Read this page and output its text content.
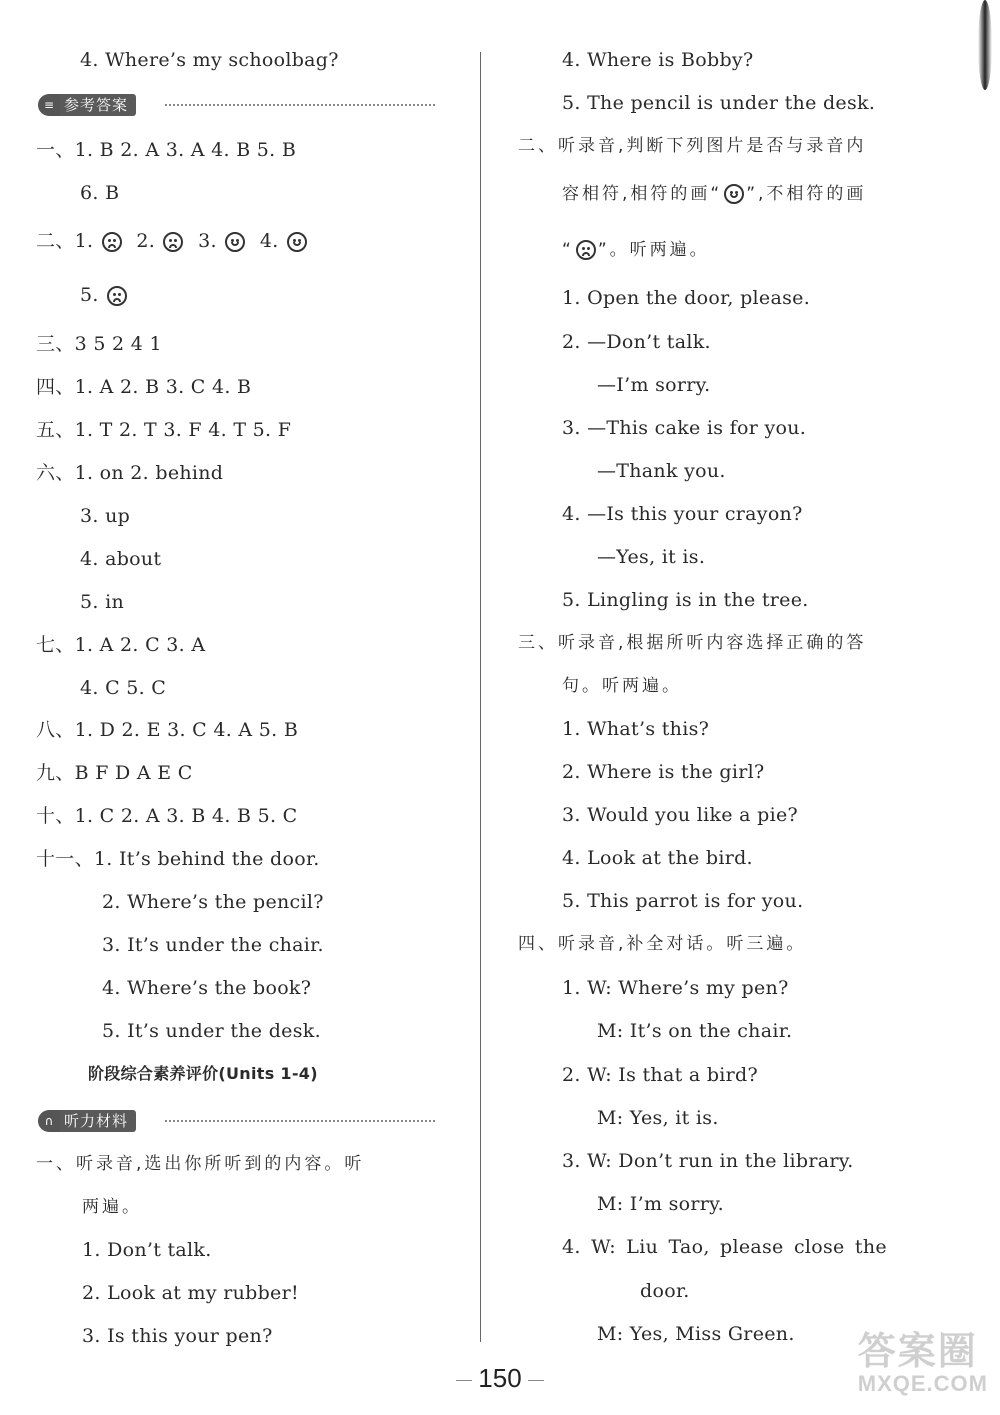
4. Where’s my schoolbag?
≡ 参考答案
一、1. B 2. A 3. A 4. B 5. B
6. B
二、1. 2. 3. 4.
5.
三、3 5 2 4 1
四、1. A 2. B 3. C 4. B
五、1. T 2. T 3. F 4. T 5. F
六、1. on 2. behind
3. up
4. about
5. in
七、1. A 2. C 3. A
4. C 5. C
八、1. D 2. E 3. C 4. A 5. B
九、B F D A E C
十、1. C 2. A 3. B 4. B 5. C
十一、1. It’s behind the door.
2. Where’s the pencil?
3. It’s under the chair.
4. Where’s the book?
5. It’s under the desk.
阶段综合素养评价(Units 1-4)
∩ 听力材料
一、听录音,选出你所听到的内容。听
两遍。
1. Don’t talk.
2. Look at my rubber!
3. Is this your pen?
4. Where is Bobby?
5. The pencil is under the desk.
二、听录音,判断下列图片是否与录音内
容相符,相符的画“ ”,不相符的画
“ ”。听两遍。
1. Open the door, please.
2. —Don’t talk.
—I’m sorry.
3. —This cake is for you.
—Thank you.
4. —Is this your crayon?
—Yes, it is.
5. Lingling is in the tree.
三、听录音,根据所听内容选择正确的答
句。听两遍。
1. What’s this?
2. Where is the girl?
3. Would you like a pie?
4. Look at the bird.
5. This parrot is for you.
四、听录音,补全对话。听三遍。
1. W: Where’s my pen?
M: It’s on the chair.
2. W: Is that a bird?
M: Yes, it is.
3. W: Don’t run in the library.
M: I’m sorry.
4. W: Liu Tao, please close the
door.
M: Yes, Miss Green.
150
答案圈
MXQE.COM
